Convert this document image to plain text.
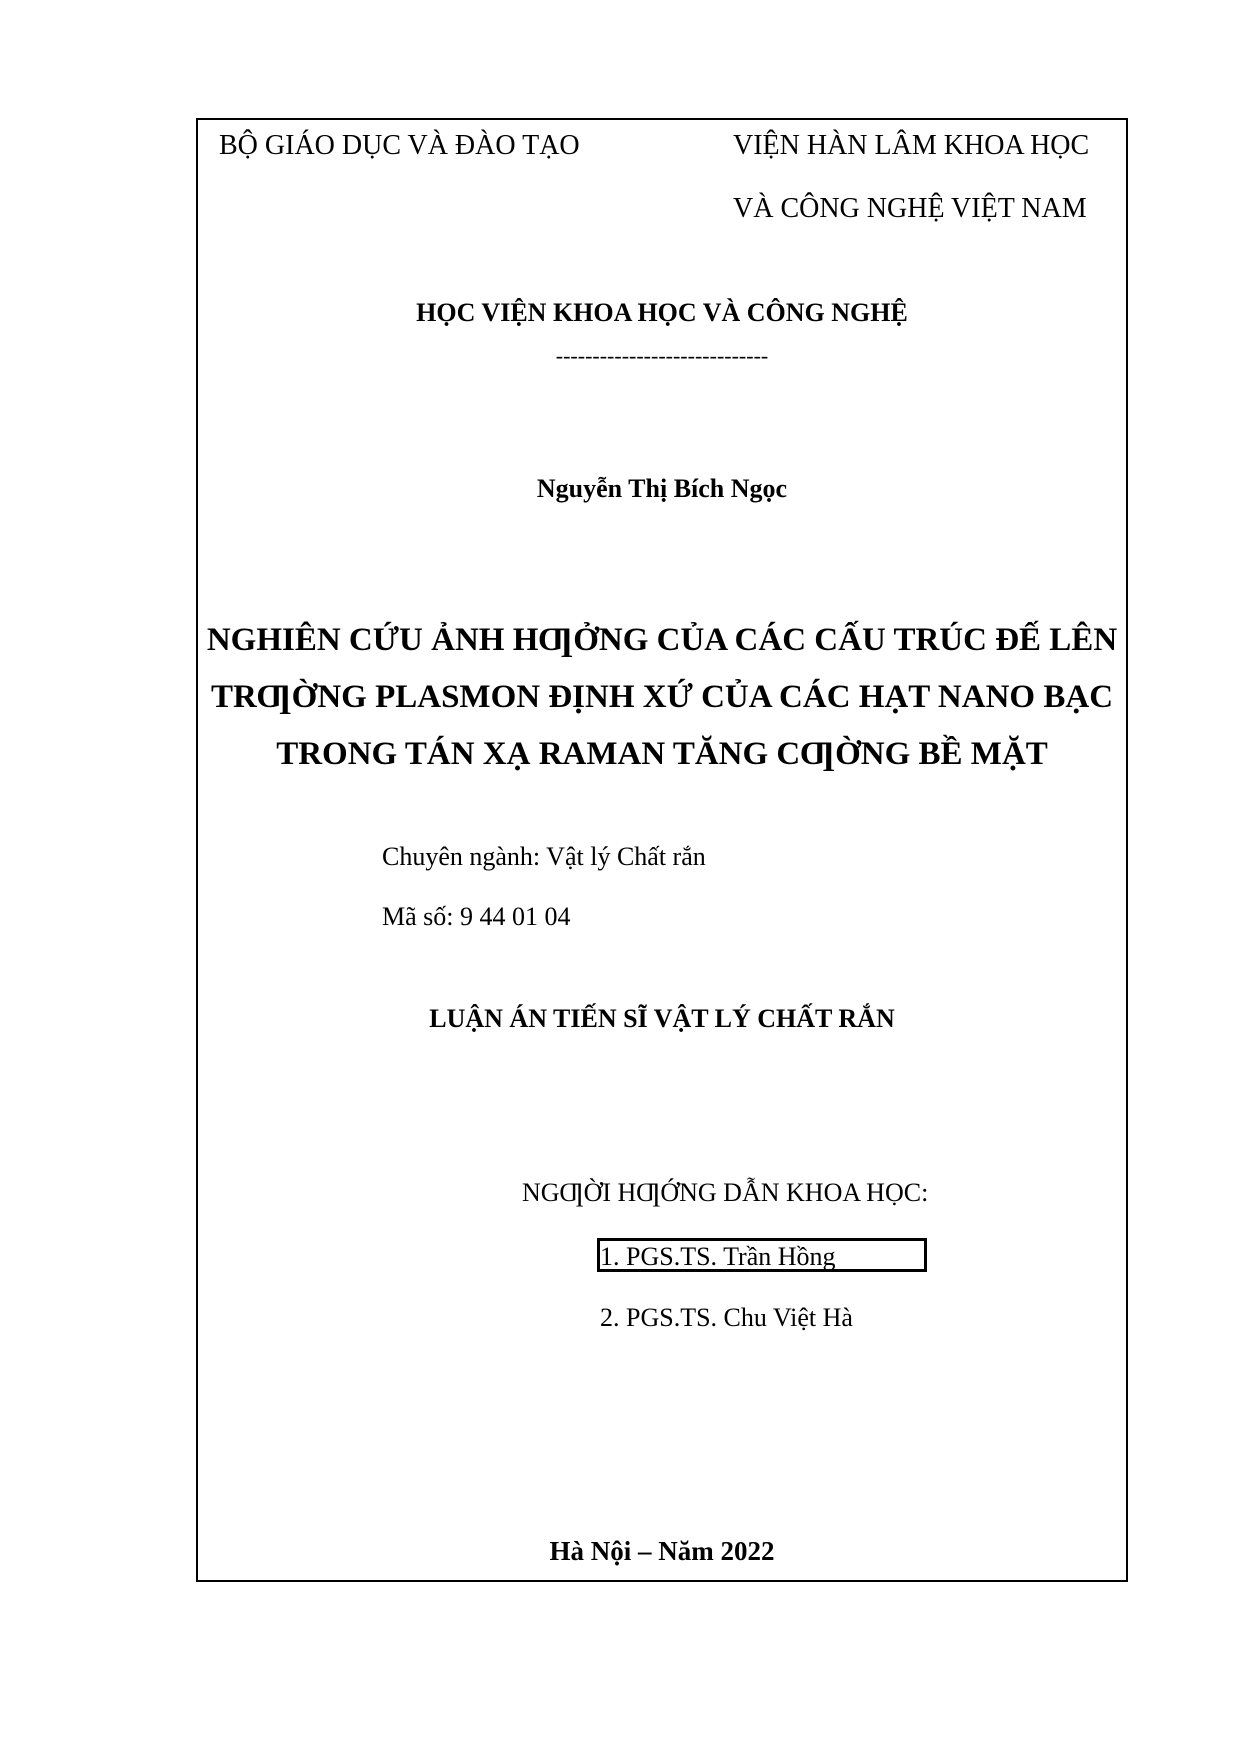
BỘ GIÁO DỤC VÀ ĐÀO TẠO	VIỆN HÀN LÂM KHOA HỌC
VÀ CÔNG NGHỆ VIỆT NAM
HỌC VIỆN KHOA HỌC VÀ CÔNG NGHỆ
-----------------------------
Nguyễn Thị Bích Ngọc
NGHIÊN CỨU ẢNH HƢỞNG CỦA CÁC CẤU TRÚC ĐẾ LÊN
TRƢỜNG PLASMON ĐỊNH XỨ CỦA CÁC HẠT NANO BẠC
TRONG TÁN XẠ RAMAN TĂNG CƢỜNG BỀ MẶT
Chuyên ngành: Vật lý Chất rắn
Mã số: 9 44 01 04
LUẬN ÁN TIẾN SĨ VẬT LÝ CHẤT RẮN
NGƢỜI HƢỚNG DẪN KHOA HỌC:
1. PGS.TS. Trần Hồng
2. PGS.TS. Chu Việt Hà
Hà Nội – Năm 2022
